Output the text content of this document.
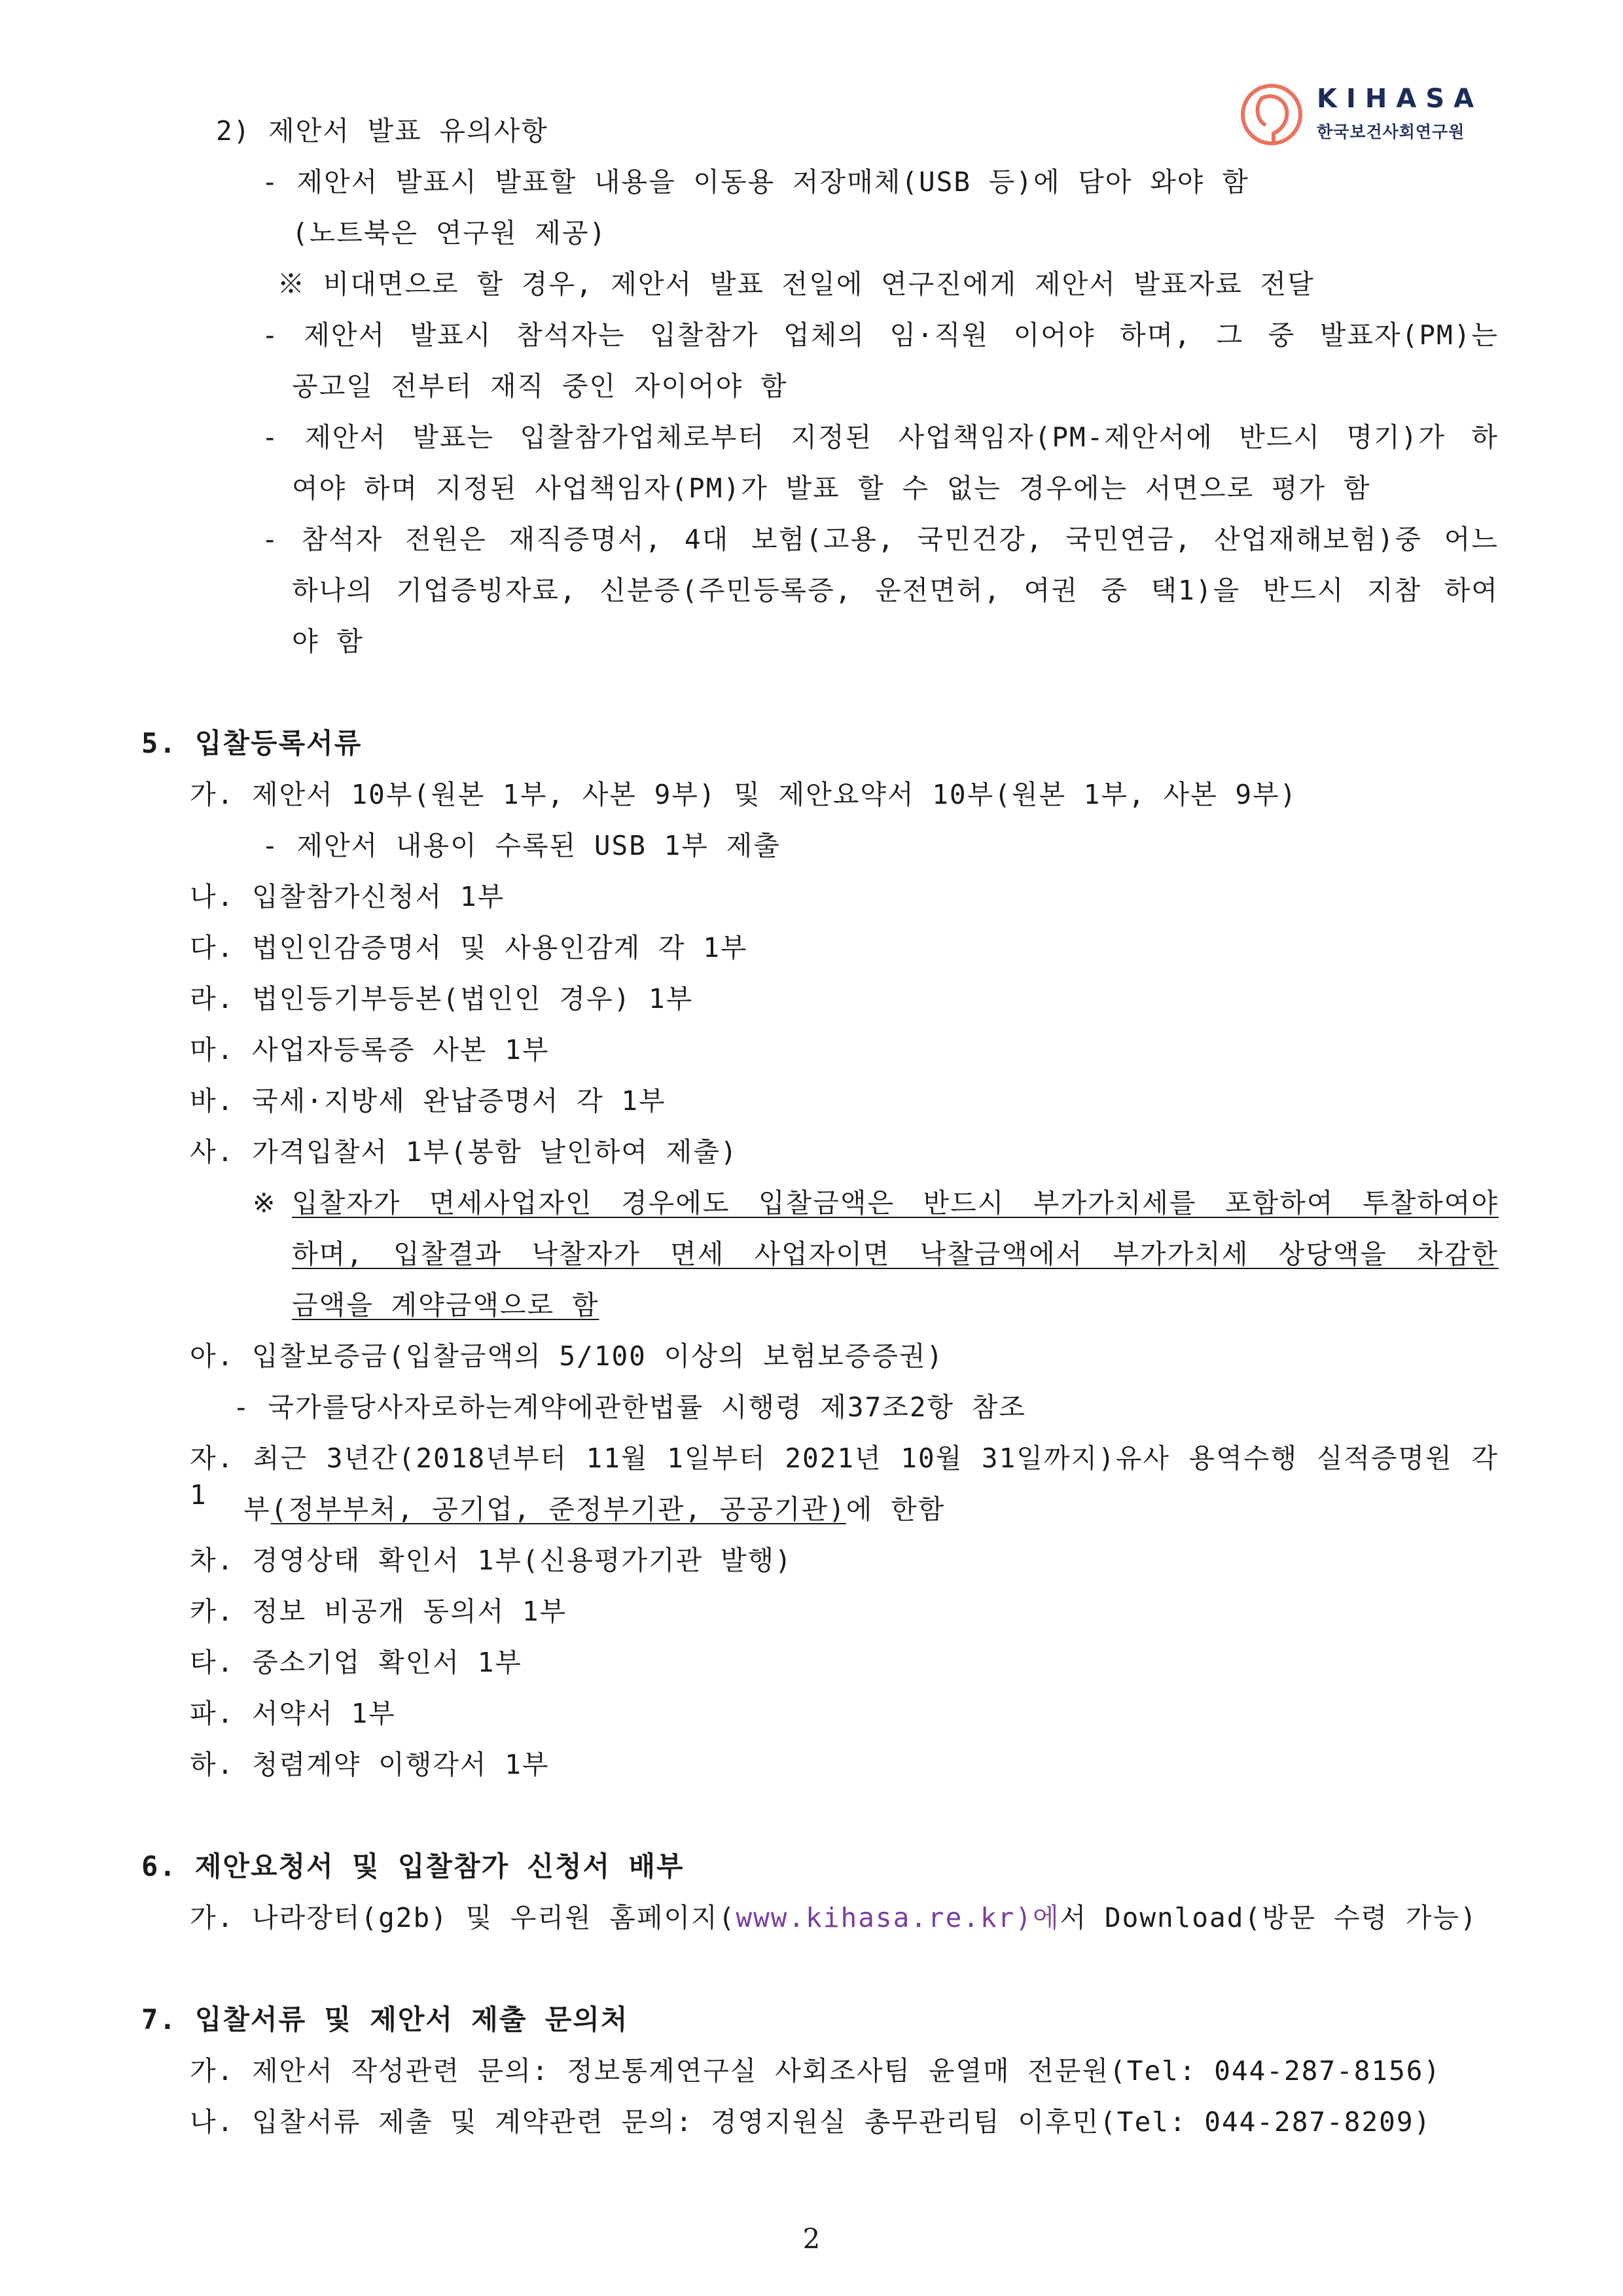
KIHASA
한국보건사회연구원
2) 제안서 발표 유의사항
- 제안서 발표시 발표할 내용을 이동용 저장매체(USB 등)에 담아 와야 함
(노트북은 연구원 제공)
※ 비대면으로 할 경우, 제안서 발표 전일에 연구진에게 제안서 발표자료 전달
- 제안서 발표시 참석자는 입찰참가 업체의 임·직원 이어야 하며, 그 중 발표자(PM)는
공고일 전부터 재직 중인 자이어야 함
- 제안서 발표는 입찰참가업체로부터 지정된 사업책임자(PM-제안서에 반드시 명기)가 하
여야 하며 지정된 사업책임자(PM)가 발표 할 수 없는 경우에는 서면으로 평가 함
- 참석자 전원은 재직증명서, 4대 보험(고용, 국민건강, 국민연금, 산업재해보험)중 어느
하나의 기업증빙자료, 신분증(주민등록증, 운전면허, 여권 중 택1)을 반드시 지참 하여
야 함
5. 입찰등록서류
가. 제안서 10부(원본 1부, 사본 9부) 및 제안요약서 10부(원본 1부, 사본 9부)
- 제안서 내용이 수록된 USB 1부 제출
나. 입찰참가신청서 1부
다. 법인인감증명서 및 사용인감계 각 1부
라. 법인등기부등본(법인인 경우) 1부
마. 사업자등록증 사본 1부
바. 국세·지방세 완납증명서 각 1부
사. 가격입찰서 1부(봉함 날인하여 제출)
※ 입찰자가 면세사업자인 경우에도 입찰금액은 반드시 부가가치세를 포함하여 투찰하여야
하며, 입찰결과 낙찰자가 면세 사업자이면 낙찰금액에서 부가가치세 상당액을 차감한
금액을 계약금액으로 함
아. 입찰보증금(입찰금액의 5/100 이상의 보험보증증권)
- 국가를당사자로하는계약에관한법률 시행령 제37조2항 참조
자. 최근 3년간(2018년부터 11월 1일부터 2021년 10월 31일까지)유사 용역수행 실적증명원 각 1	부(정부부처, 공기업, 준정부기관, 공공기관)에 한함
차. 경영상태 확인서 1부(신용평가기관 발행)
카. 정보 비공개 동의서 1부
타. 중소기업 확인서 1부
파. 서약서 1부
하. 청렴계약 이행각서 1부
6. 제안요청서 및 입찰참가 신청서 배부
가. 나라장터(g2b) 및 우리원 홈페이지(www.kihasa.re.kr)에서 Download(방문 수령 가능)
7. 입찰서류 및 제안서 제출 문의처
가. 제안서 작성관련 문의: 정보통계연구실 사회조사팀 윤열매 전문원(Tel: 044-287-8156)
나. 입찰서류 제출 및 계약관련 문의: 경영지원실 총무관리팀 이후민(Tel: 044-287-8209)
2
